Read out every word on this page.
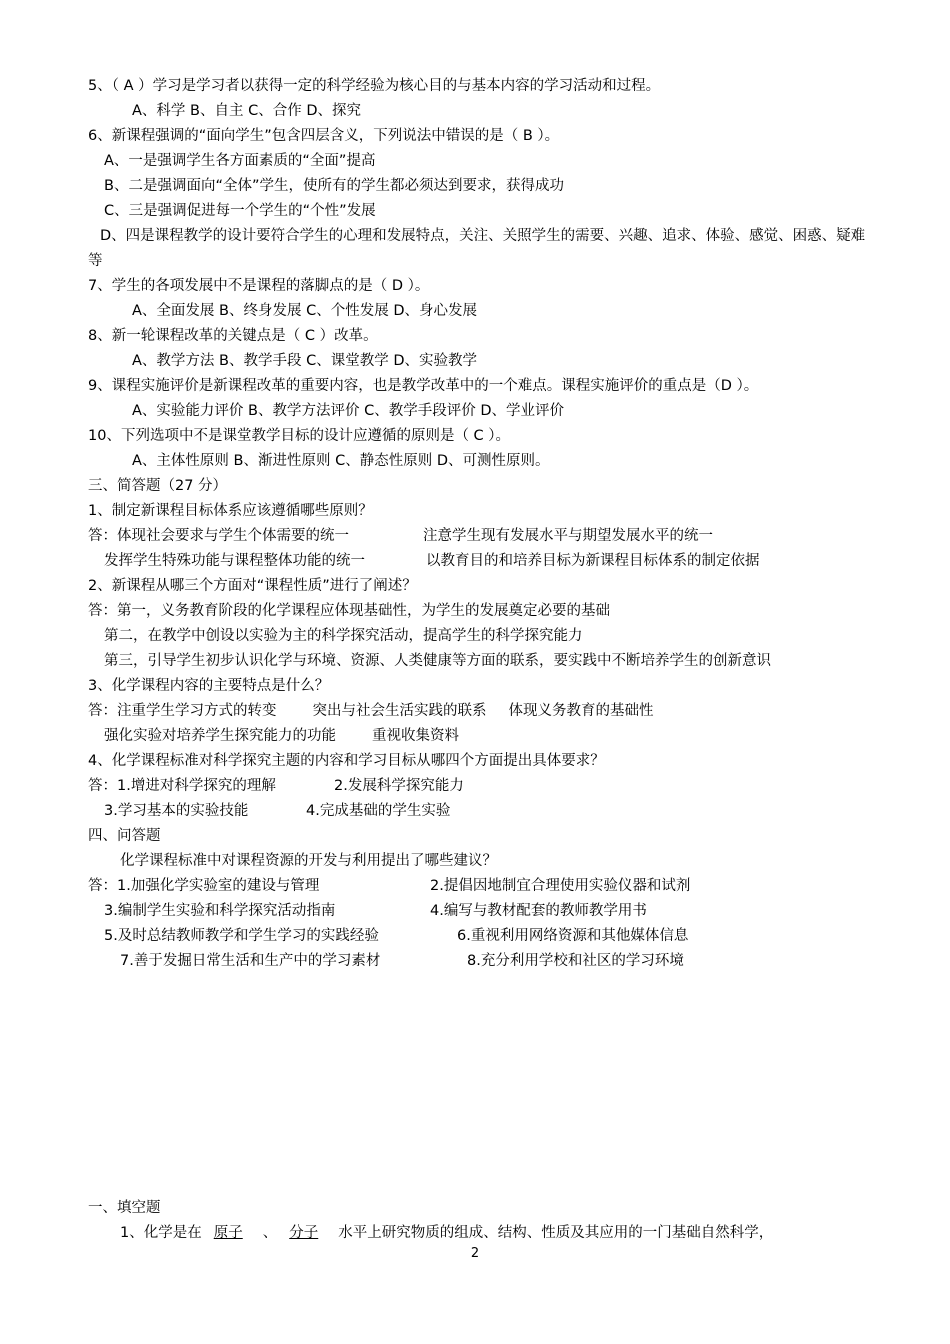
5、（ A ）学习是学习者以获得一定的科学经验为核心目的与基本内容的学习活动和过程。
A、科学 B、自主 C、合作 D、探究
6、新课程强调的“面向学生”包含四层含义，下列说法中错误的是（ B ）。
A、一是强调学生各方面素质的“全面”提高
B、二是强调面向“全体”学生，使所有的学生都必须达到要求，获得成功
C、三是强调促进每一个学生的“个性”发展
D、四是课程教学的设计要符合学生的心理和发展特点，关注、关照学生的需要、兴趣、追求、体验、感觉、困惑、疑难等
7、学生的各项发展中不是课程的落脚点的是（ D ）。
A、全面发展 B、终身发展 C、个性发展 D、身心发展
8、新一轮课程改革的关键点是（ C ）改革。
A、教学方法 B、教学手段 C、课堂教学 D、实验教学
9、课程实施评价是新课程改革的重要内容，也是教学改革中的一个难点。课程实施评价的重点是（D ）。
A、实验能力评价 B、教学方法评价 C、教学手段评价 D、学业评价
10、下列选项中不是课堂教学目标的设计应遵循的原则是（ C ）。
A、主体性原则 B、渐进性原则 C、静态性原则 D、可测性原则。
三、简答题（27 分）
1、制定新课程目标体系应该遵循哪些原则？
答：体现社会要求与学生个体需要的统一	注意学生现有发展水平与期望发展水平的统一
发挥学生特殊功能与课程整体功能的统一	以教育目的和培养目标为新课程目标体系的制定依据
2、新课程从哪三个方面对“课程性质”进行了阐述？
答：第一，义务教育阶段的化学课程应体现基础性，为学生的发展奠定必要的基础
第二，在教学中创设以实验为主的科学探究活动，提高学生的科学探究能力
第三，引导学生初步认识化学与环境、资源、人类健康等方面的联系，要实践中不断培养学生的创新意识
3、化学课程内容的主要特点是什么？
答：注重学生学习方式的转变 突出与社会生活实践的联系 体现义务教育的基础性
强化实验对培养学生探究能力的功能 重视收集资料
4、化学课程标准对科学探究主题的内容和学习目标从哪四个方面提出具体要求？
答：1.增进对科学探究的理解	2.发展科学探究能力
3.学习基本的实验技能	4.完成基础的学生实验
四、问答题
化学课程标准中对课程资源的开发与利用提出了哪些建议？
答：1.加强化学实验室的建设与管理	2.提倡因地制宜合理使用实验仪器和试剂
3.编制学生实验和科学探究活动指南	4.编写与教材配套的教师教学用书
5.及时总结教师教学和学生学习的实践经验	6.重视利用网络资源和其他媒体信息
7.善于发掘日常生活和生产中的学习素材	8.充分利用学校和社区的学习环境
一、填空题
1、化学是在 原子 、 分子 水平上研究物质的组成、结构、性质及其应用的一门基础自然科学，
2
